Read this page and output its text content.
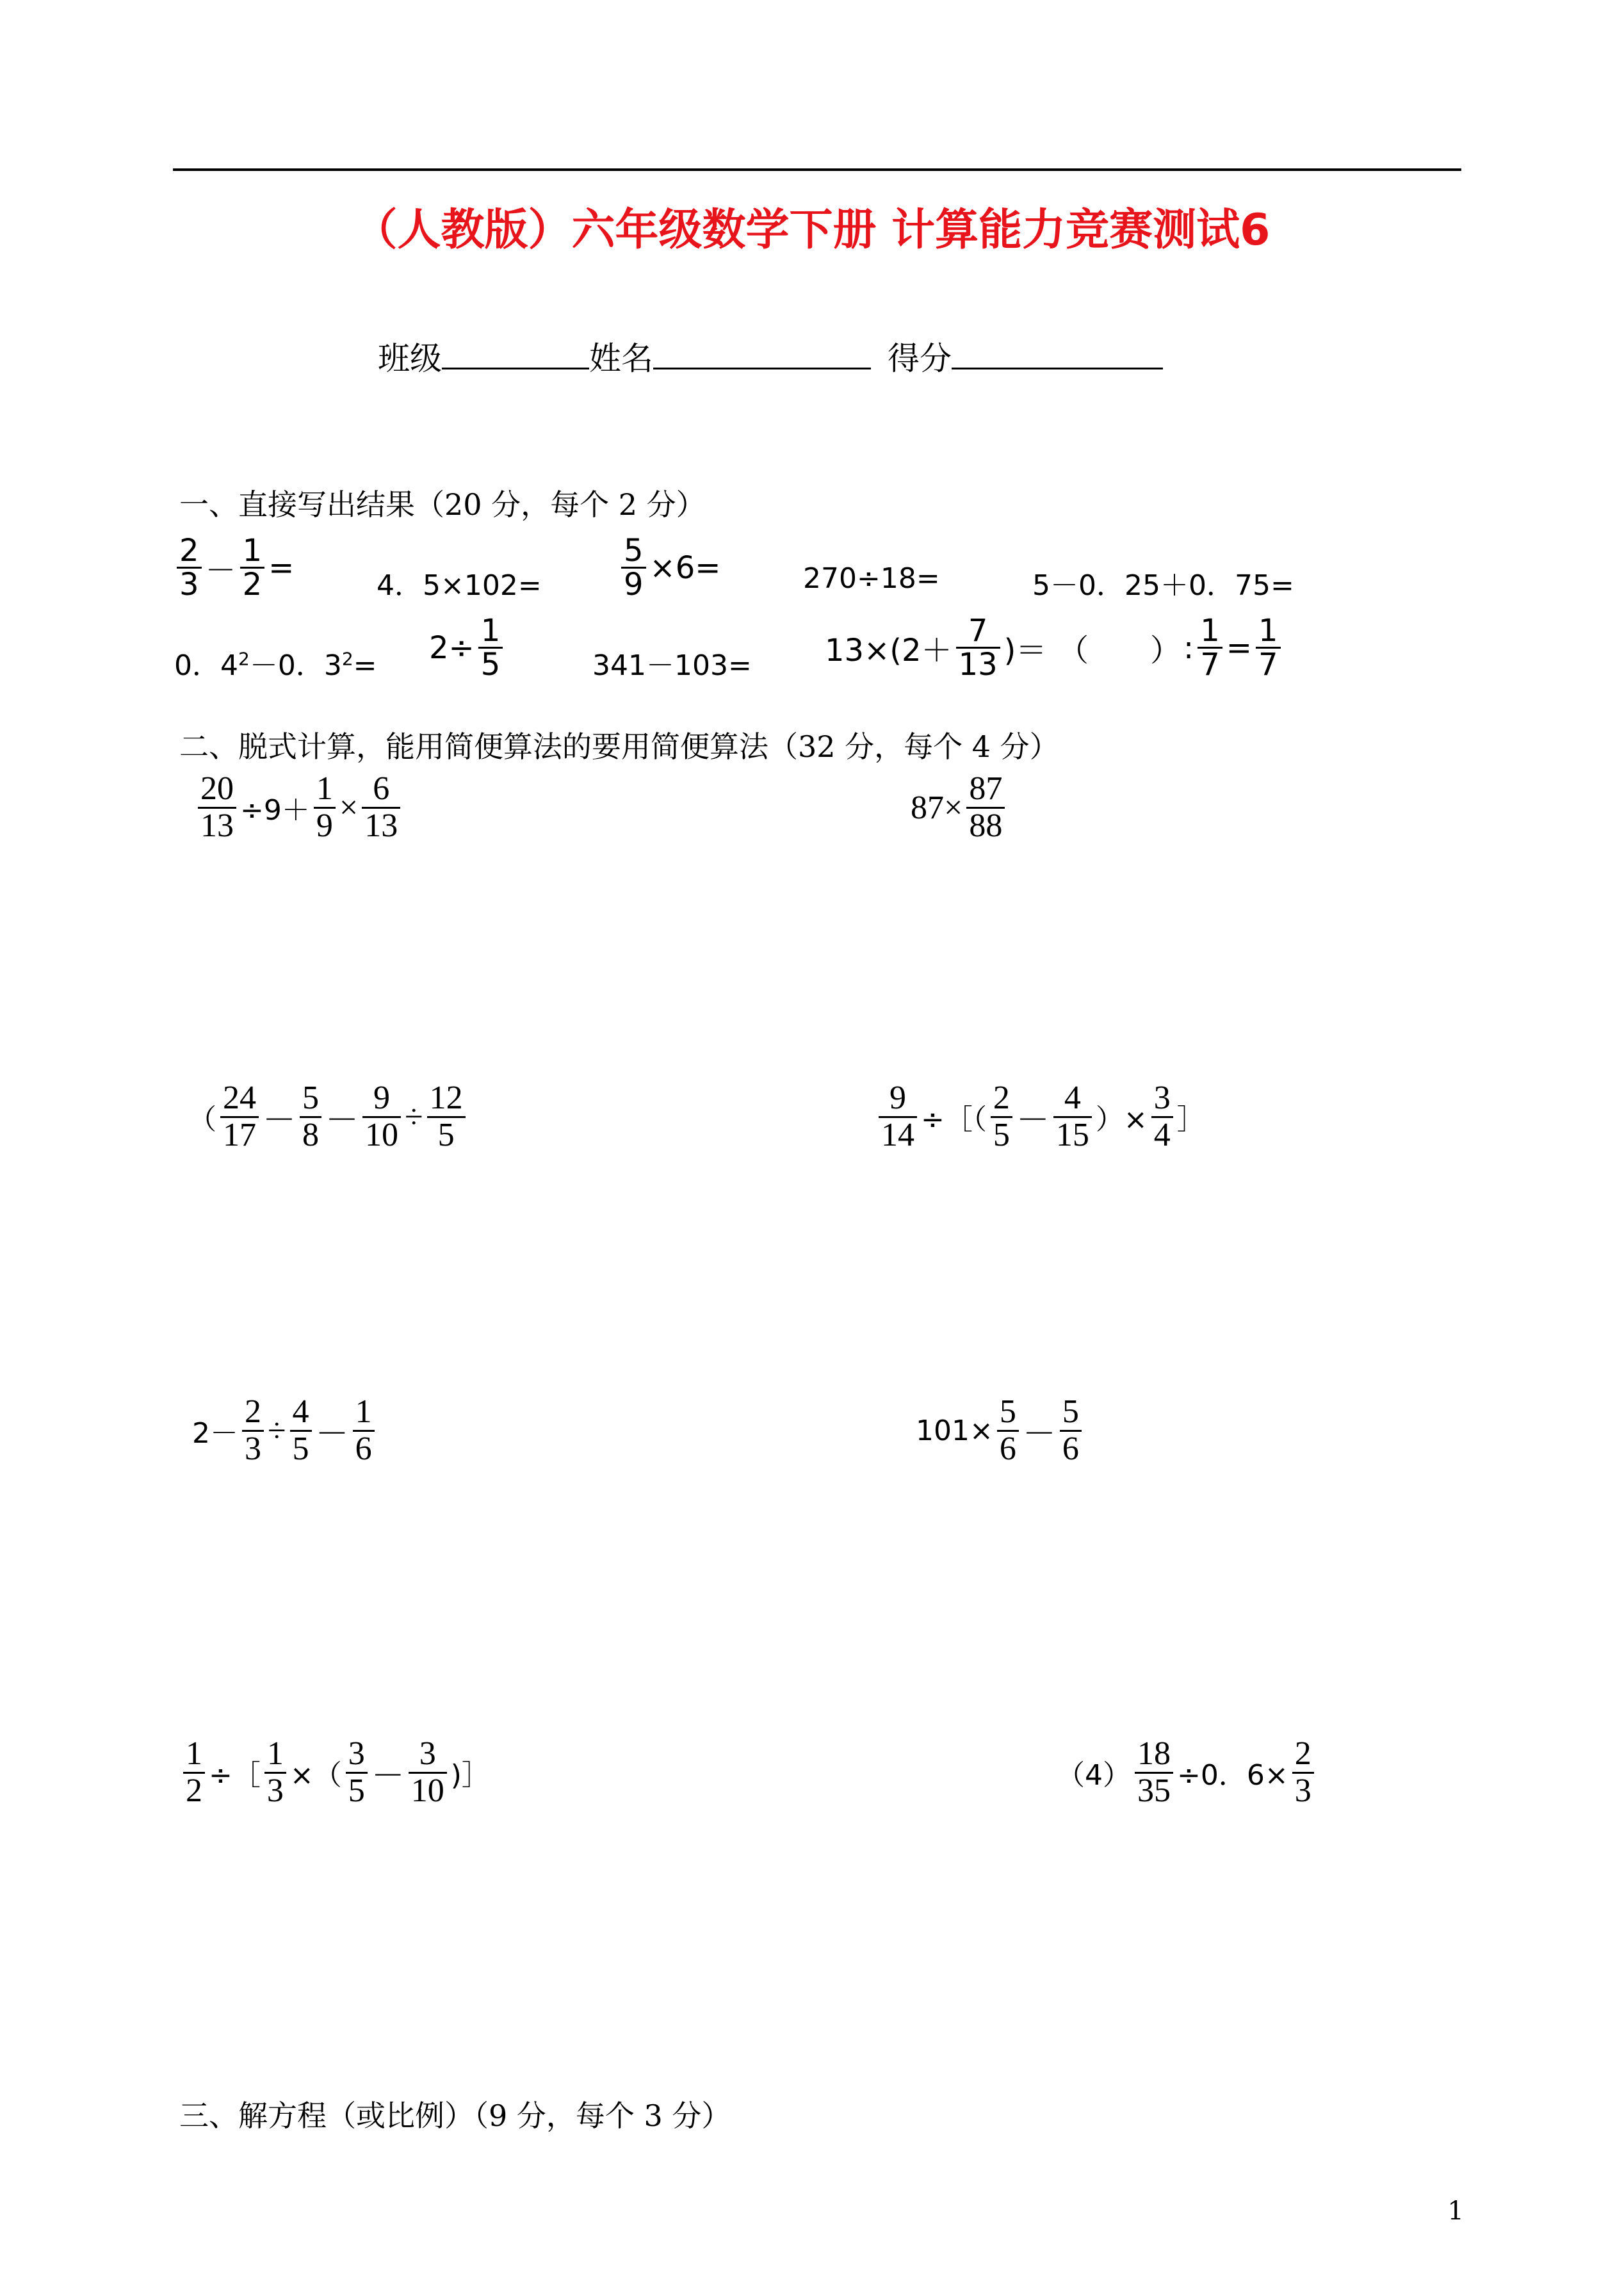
（人教版）六年级数学下册 计算能力竞赛测试6
班级	姓名	得分
一、直接写出结果（20 分，每个 2 分）
$\frac{2}{3} - \frac{1}{2}$ =	4．5×102=	$\frac{5}{9} \times 6=$	270÷18=	5－0．25＋0．75=
0．$4^2-0$．$3^2= 2\div \frac{1}{5}$	$341-103= 13\times(2+ \frac{7}{13}$ )＝ （　　） : $\frac{1}{7} = \frac{1}{7}$
二、脱式计算，能用简便算法的要用简便算法（32 分，每个 4 分）
$\frac{20}{13} \div 9+ \frac{1}{9} \times \frac{6}{13}$	$87\times \frac{87}{88}$
（ $\frac{24}{17} - \frac{5}{8} - \frac{9}{10} \div \frac{12}{5}$	$\frac{9}{14}$ ÷［（ $\frac{2}{5} - \frac{4}{15}$ ）× $\frac{3}{4}$ ］
$2- \frac{2}{3} \div \frac{4}{5} - \frac{1}{6}$	$101\times \frac{5}{6} - \frac{5}{6}$
$\frac{1}{2}$ ÷［ $\frac{1}{3}$ ×（ $\frac{3}{5} - \frac{3}{10}$ )］	$(4) \frac{18}{35} \div 0$．$6\times \frac{2}{3}$
三、解方程（或比例）（9 分，每个 3 分）
1
